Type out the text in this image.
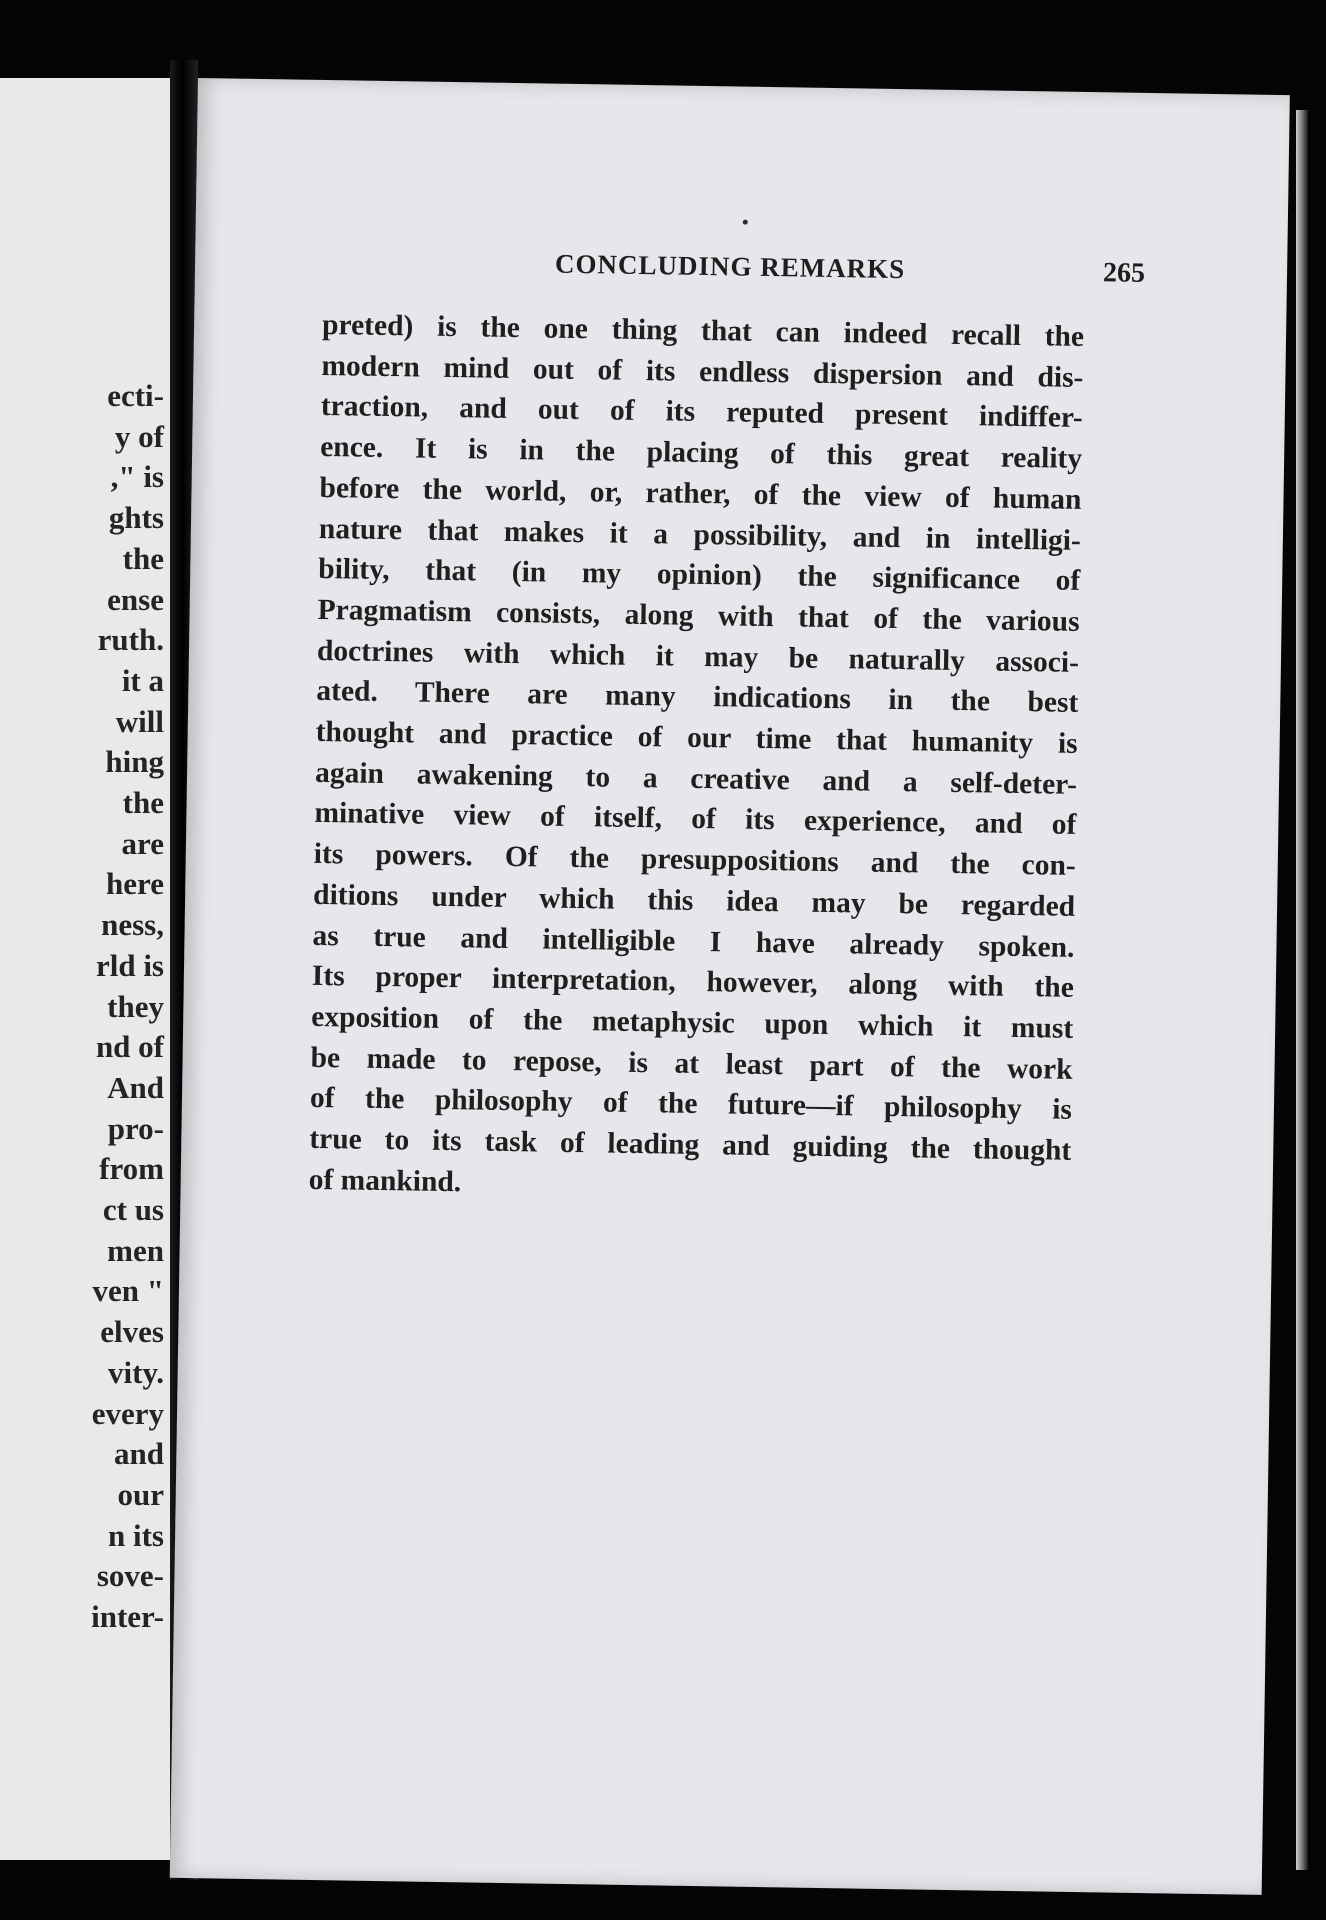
ecti-
y of
," is
ghts
the
ense
ruth.
it a
will
hing
the
are
here
ness,
rld is
they
nd of
And
pro-
from
ct us
men
ven "
elves
vity.
every
and
our
n its
sove-
inter-
CONCLUDING REMARKS	265
preted) is the one thing that can indeed recall the
modern mind out of its endless dispersion and dis-
traction, and out of its reputed present indiffer-
ence. It is in the placing of this great reality
before the world, or, rather, of the view of human
nature that makes it a possibility, and in intelligi-
bility, that (in my opinion) the significance of
Pragmatism consists, along with that of the various
doctrines with which it may be naturally associ-
ated. There are many indications in the best
thought and practice of our time that humanity is
again awakening to a creative and a self-deter-
minative view of itself, of its experience, and of
its powers. Of the presuppositions and the con-
ditions under which this idea may be regarded
as true and intelligible I have already spoken.
Its proper interpretation, however, along with the
exposition of the metaphysic upon which it must
be made to repose, is at least part of the work
of the philosophy of the future—if philosophy is
true to its task of leading and guiding the thought
of mankind.
